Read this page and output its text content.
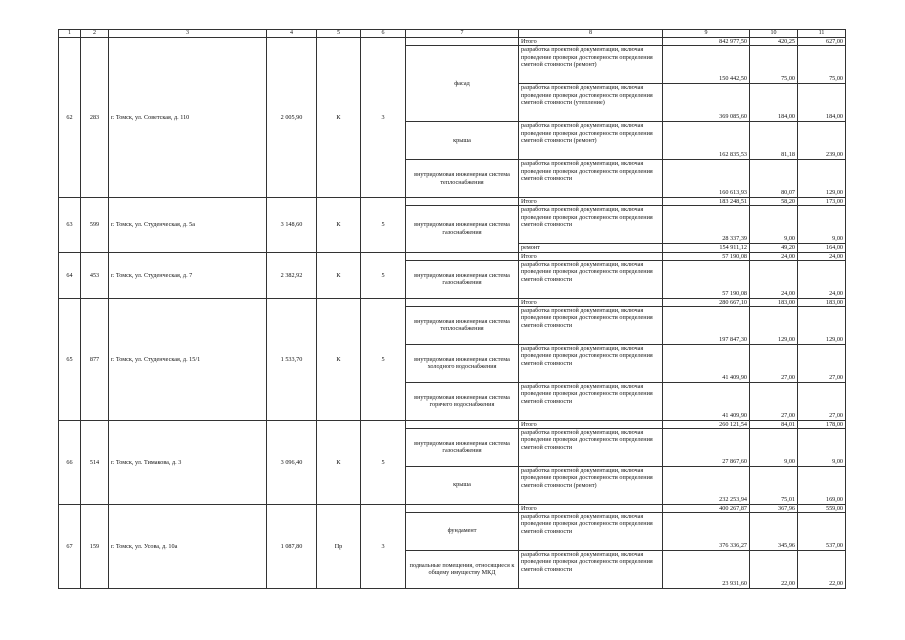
1	2	3	4	5	6	7	8	9	10	11
62	283	г. Томск, ул. Советская, д. 110	2 005,90	К	3		Итого	842 977,50	420,25	627,00
						фасад	разработка проектной документации, включая проведение проверки достоверности определения сметной стоимости (ремонт)	150 442,50	75,00	75,00
							разработка проектной документации, включая проведение проверки достоверности определения сметной стоимости (утепление)	369 085,60	184,00	184,00
						крыша	разработка проектной документации, включая проведение проверки достоверности определения сметной стоимости (ремонт)	162 835,53	81,18	239,00
						внутридомовая инженерная система теплоснабжения	разработка проектной документации, включая проведение проверки достоверности определения сметной стоимости	160 613,93	80,07	129,00
63	599	г. Томск, ул. Студенческая, д. 5а	3 148,60	К	5		Итого	183 248,51	58,20	173,00
						внутридомовая инженерная система газоснабжения	разработка проектной документации, включая проведение проверки достоверности определения сметной стоимости	28 337,39	9,00	9,00
							ремонт	154 911,12	49,20	164,00
64	453	г. Томск, ул. Студенческая, д. 7	2 382,92	К	5		Итого	57 190,08	24,00	24,00
						внутридомовая инженерная система газоснабжения	разработка проектной документации, включая проведение проверки достоверности определения сметной стоимости	57 190,08	24,00	24,00
65	877	г. Томск, ул. Студенческая, д. 15/1	1 533,70	К	5		Итого	280 667,10	183,00	183,00
						внутридомовая инженерная система теплоснабжения	разработка проектной документации, включая проведение проверки достоверности определения сметной стоимости	197 847,30	129,00	129,00
						внутридомовая инженерная система холодного водоснабжения	разработка проектной документации, включая проведение проверки достоверности определения сметной стоимости	41 409,90	27,00	27,00
						внутридомовая инженерная система горячего водоснабжения	разработка проектной документации, включая проведение проверки достоверности определения сметной стоимости	41 409,90	27,00	27,00
66	514	г. Томск, ул. Тимакова, д. 3	3 096,40	К	5		Итого	260 121,54	84,01	178,00
						внутридомовая инженерная система газоснабжения	разработка проектной документации, включая проведение проверки достоверности определения сметной стоимости	27 867,60	9,00	9,00
						крыша	разработка проектной документации, включая проведение проверки достоверности определения сметной стоимости (ремонт)	232 253,94	75,01	169,00
67	159	г. Томск, ул. Усова, д. 10а	1 087,80	Пр	3		Итого	400 267,87	367,96	559,00
						фундамент	разработка проектной документации, включая проведение проверки достоверности определения сметной стоимости	376 336,27	345,96	537,00
						подвальные помещения, относящиеся к общему имуществу МКД	разработка проектной документации, включая проведение проверки достоверности определения сметной стоимости	23 931,60	22,00	22,00
